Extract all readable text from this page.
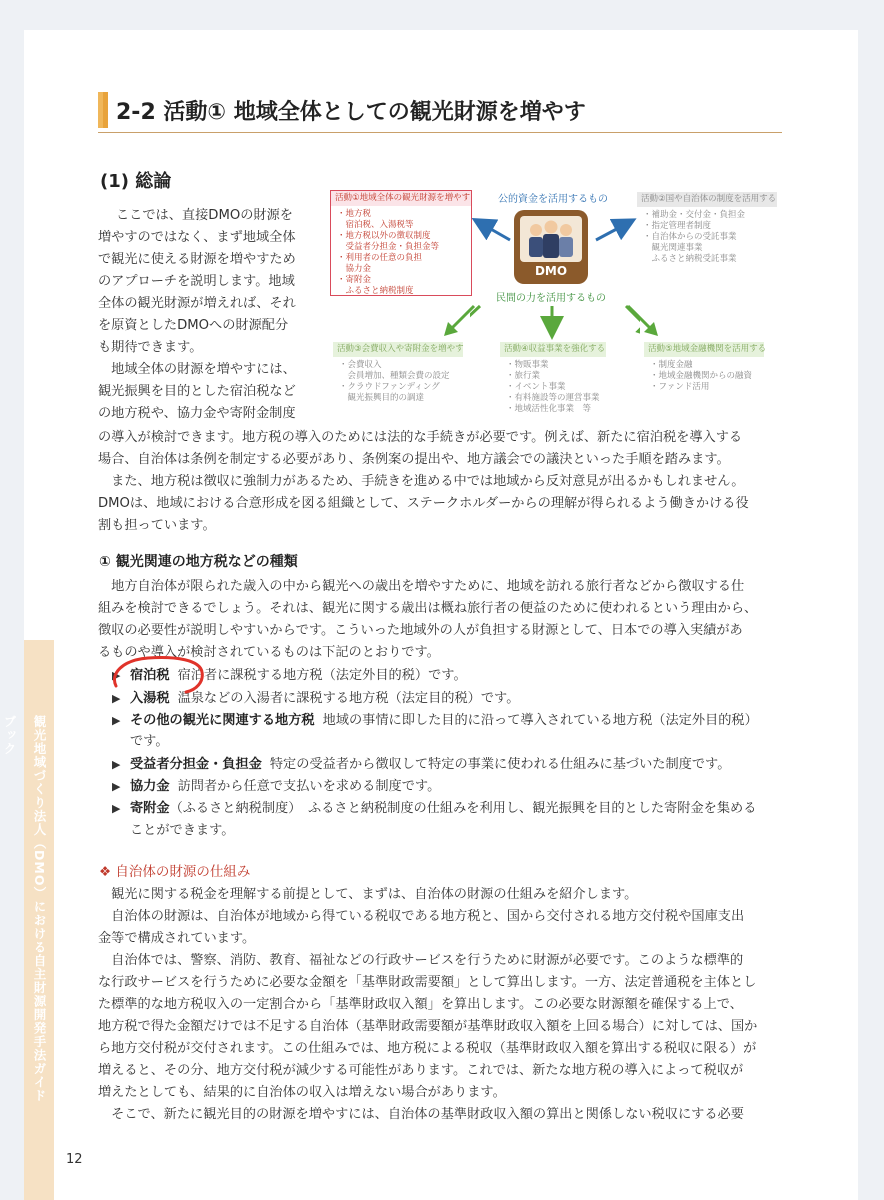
観光地域づくり法人（DMO）における自主財源開発手法ガイドブック
12
2-2 活動① 地域全体としての観光財源を増やす
(1) 総論
活動①地域全体の観光財源を増やす
・地方税
　宿泊税、入湯税等
・地方税以外の徴収制度
　受益者分担金・負担金等
・利用者の任意の負担
　協力金
・寄附金
　ふるさと納税制度
公的資金を活用するもの
民間の力を活用するもの
DMO
活動②国や自治体の制度を活用する
・補助金・交付金・負担金
・指定管理者制度
・自治体からの受託事業
　観光関連事業
　ふるさと納税受託事業
活動③会費収入や寄附金を増やす
・会費収入
　会員増加、種類会費の設定
・クラウドファンディング
　観光振興目的の調達
活動④収益事業を強化する
・物販事業
・旅行業
・イベント事業
・有料施設等の運営事業
・地域活性化事業　等
活動⑤地域金融機関を活用する
・制度金融
・地域金融機関からの融資
・ファンド活用
ここでは、直接DMOの財源を
増やすのではなく、まず地域全体
で観光に使える財源を増やすため
のアプローチを説明します。地域
全体の観光財源が増えれば、それ
を原資としたDMOへの財源配分
も期待できます。
　地域全体の財源を増やすには、
観光振興を目的とした宿泊税など
の地方税や、協力金や寄附金制度
の導入が検討できます。地方税の導入のためには法的な手続きが必要です。例えば、新たに宿泊税を導入する
場合、自治体は条例を制定する必要があり、条例案の提出や、地方議会での議決といった手順を踏みます。
　また、地方税は徴収に強制力があるため、手続きを進める中では地域から反対意見が出るかもしれません。
DMOは、地域における合意形成を図る組織として、ステークホルダーからの理解が得られるよう働きかける役
割も担っています。
① 観光関連の地方税などの種類
　地方自治体が限られた歳入の中から観光への歳出を増やすために、地域を訪れる旅行者などから徴収する仕
組みを検討できるでしょう。それは、観光に関する歳出は概ね旅行者の便益のために使われるという理由から、
徴収の必要性が説明しやすいからです。こういった地域外の人が負担する財源として、日本での導入実績があ
るものや導入が検討されているものは下記のとおりです。
▶ 宿泊税 宿泊者に課税する地方税（法定外目的税）です。
▶ 入湯税 温泉などの入湯者に課税する地方税（法定目的税）です。
▶ その他の観光に関連する地方税 地域の事情に即した目的に沿って導入されている地方税（法定外目的税）
です。
▶ 受益者分担金・負担金 特定の受益者から徴収して特定の事業に使われる仕組みに基づいた制度です。
▶ 協力金 訪問者から任意で支払いを求める制度です。
▶ 寄附金（ふるさと納税制度）　ふるさと納税制度の仕組みを利用し、観光振興を目的とした寄附金を集める
ことができます。
❖ 自治体の財源の仕組み
　観光に関する税金を理解する前提として、まずは、自治体の財源の仕組みを紹介します。
　自治体の財源は、自治体が地域から得ている税収である地方税と、国から交付される地方交付税や国庫支出
金等で構成されています。
　自治体では、警察、消防、教育、福祉などの行政サービスを行うために財源が必要です。このような標準的
な行政サービスを行うために必要な金額を「基準財政需要額」として算出します。一方、法定普通税を主体とし
た標準的な地方税収入の一定割合から「基準財政収入額」を算出します。この必要な財源額を確保する上で、
地方税で得た金額だけでは不足する自治体（基準財政需要額が基準財政収入額を上回る場合）に対しては、国か
ら地方交付税が交付されます。この仕組みでは、地方税による税収（基準財政収入額を算出する税収に限る）が
増えると、その分、地方交付税が減少する可能性があります。これでは、新たな地方税の導入によって税収が
増えたとしても、結果的に自治体の収入は増えない場合があります。
　そこで、新たに観光目的の財源を増やすには、自治体の基準財政収入額の算出と関係しない税収にする必要
